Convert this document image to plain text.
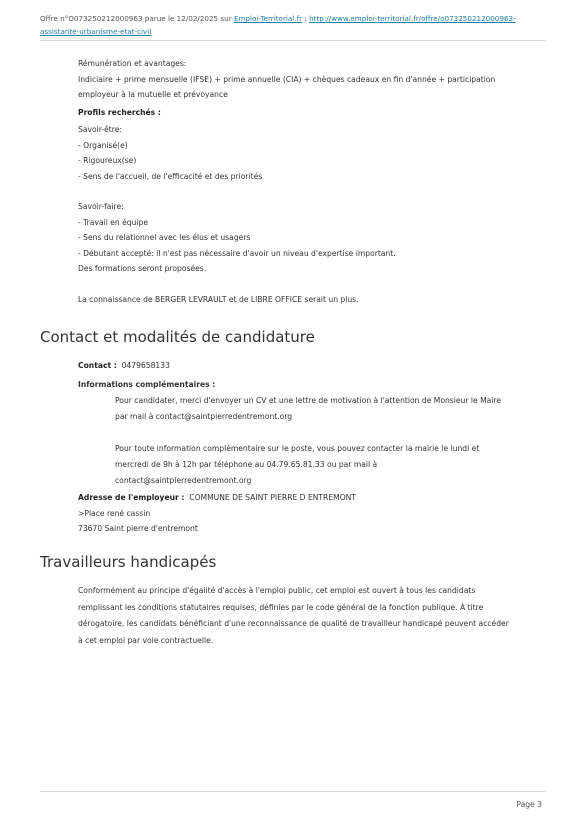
Offre n°O073250212000963 parue le 12/02/2025 sur Emploi-Territorial.fr : http://www.emploi-territorial.fr/offre/o073250212000963-
assistante-urbanisme-etat-civil

Rémunération et avantages:

Indiciaire + prime mensuelle (IFSE) + prime annuelle (CIA) + chèques cadeaux en fin d'année + participation

employeur à la mutuelle et prévoyance

Profils recherchés :

Savoir-être:

- Organisé(e)

- Rigoureux(se)

- Sens de l'accueil, de l'efficacité et des priorités

Savoir-faire:

- Travail en équipe

- Sens du relationnel avec les élus et usagers

- Débutant accepté: il n'est pas nécessaire d'avoir un niveau d'expertise important.

Des formations seront proposées.

La connaissance de BERGER LEVRAULT et de LIBRE OFFICE serait un plus.

Contact et modalités de candidature
Contact : 0479658133
Informations complémentaires :
Pour candidater, merci d'envoyer un CV et une lettre de motivation à l'attention de Monsieur le Maire
par mail à contact@saintpierredentremont.org
Pour toute information complémentaire sur le poste, vous pouvez contacter la mairie le lundi et
mercredi de 9h à 12h par téléphone au 04.79.65.81.33 ou par mail à
contact@saintpierredentremont.org
Adresse de l'employeur : COMMUNE DE SAINT PIERRE D ENTREMONT
>Place rené cassin
73670 Saint pierre d'entremont
Travailleurs handicapés
Conformément au principe d'égalité d'accès à l'emploi public, cet emploi est ouvert à tous les candidats
remplissant les conditions statutaires requises, définies par le code général de la fonction publique. À titre
dérogatoire, les candidats bénéficiant d'une reconnaissance de qualité de travailleur handicapé peuvent accéder
à cet emploi par voie contractuelle.
Page 3
